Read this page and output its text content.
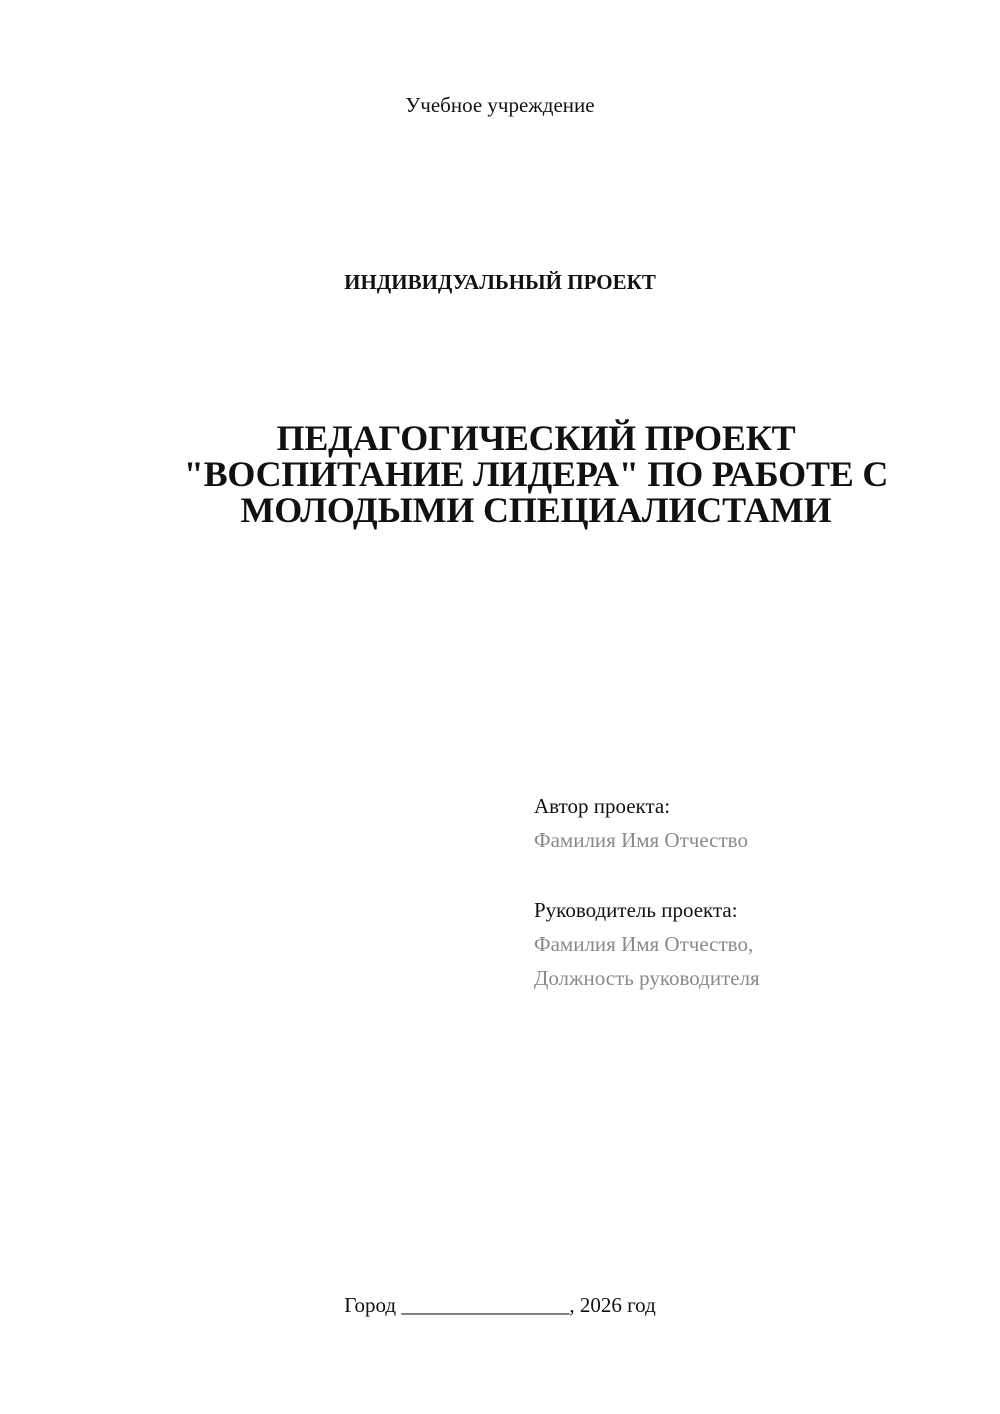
Учебное учреждение
ИНДИВИДУАЛЬНЫЙ ПРОЕКТ
ПЕДАГОГИЧЕСКИЙ ПРОЕКТ
"ВОСПИТАНИЕ ЛИДЕРА" ПО РАБОТЕ С
МОЛОДЫМИ СПЕЦИАЛИСТАМИ
Автор проекта:
Фамилия Имя Отчество
Руководитель проекта:
Фамилия Имя Отчество,
Должность руководителя
Город ________________, 2026 год
